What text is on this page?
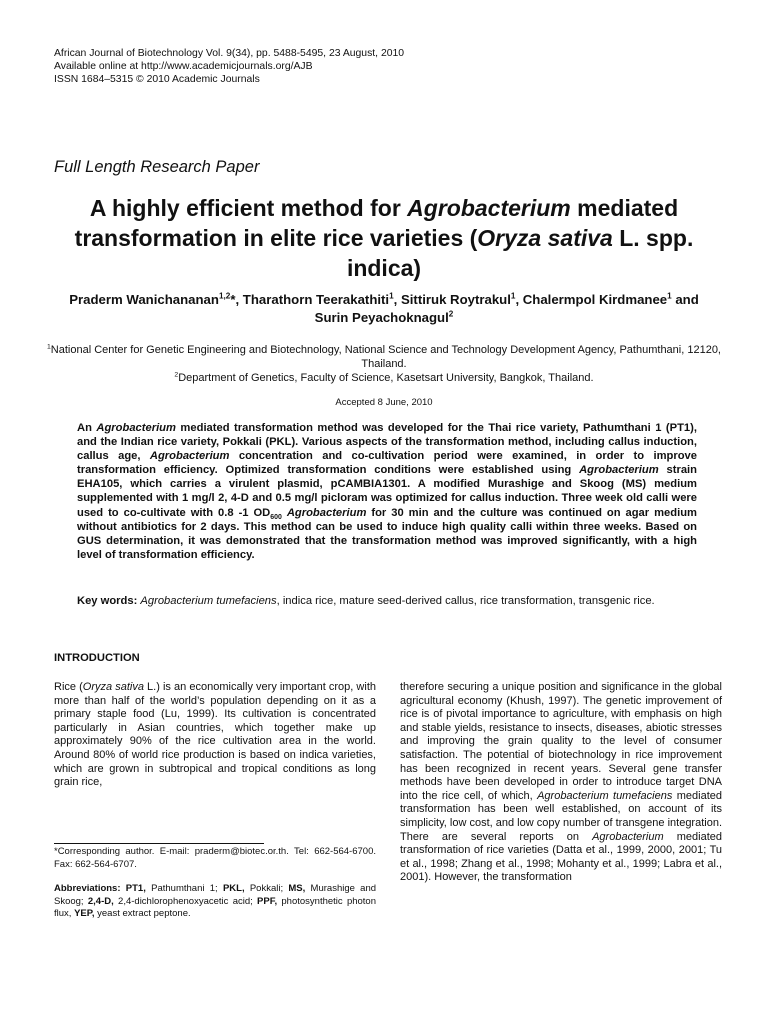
African Journal of Biotechnology Vol. 9(34), pp. 5488-5495, 23 August, 2010
Available online at http://www.academicjournals.org/AJB
ISSN 1684–5315 © 2010 Academic Journals
Full Length Research Paper
A highly efficient method for Agrobacterium mediated transformation in elite rice varieties (Oryza sativa L. spp. indica)
Praderm Wanichananan$^{1,2}$*, Tharathorn Teerakathiti$^1$, Sittiruk Roytrakul$^1$, Chalermpol Kirdmanee$^1$ and Surin Peyachoknagul$^2$
$^1$National Center for Genetic Engineering and Biotechnology, National Science and Technology Development Agency, Pathumthani, 12120, Thailand.
$^2$Department of Genetics, Faculty of Science, Kasetsart University, Bangkok, Thailand.
Accepted 8 June, 2010
An Agrobacterium mediated transformation method was developed for the Thai rice variety, Pathumthani 1 (PT1), and the Indian rice variety, Pokkali (PKL). Various aspects of the transformation method, including callus induction, callus age, Agrobacterium concentration and co-cultivation period were examined, in order to improve transformation efficiency. Optimized transformation conditions were established using Agrobacterium strain EHA105, which carries a virulent plasmid, pCAMBIA1301. A modified Murashige and Skoog (MS) medium supplemented with 1 mg/l 2, 4-D and 0.5 mg/l picloram was optimized for callus induction. Three week old calli were used to co-cultivate with 0.8 -1 $OD_{600}$ Agrobacterium for 30 min and the culture was continued on agar medium without antibiotics for 2 days. This method can be used to induce high quality calli within three weeks. Based on GUS determination, it was demonstrated that the transformation method was improved significantly, with a high level of transformation efficiency.
Key words: Agrobacterium tumefaciens, indica rice, mature seed-derived callus, rice transformation, transgenic rice.
INTRODUCTION
Rice (Oryza sativa L.) is an economically very important crop, with more than half of the world’s population depending on it as a primary staple food (Lu, 1999). Its cultivation is concentrated particularly in Asian countries, which together make up approximately 90% of the rice cultivation area in the world. Around 80% of world rice production is based on indica varieties, which are grown in subtropical and tropical conditions as long grain rice,
therefore securing a unique position and significance in the global agricultural economy (Khush, 1997). The genetic improvement of rice is of pivotal importance to agriculture, with emphasis on high and stable yields, resistance to insects, diseases, abiotic stresses and improving the grain quality to the level of consumer satisfaction. The potential of biotechnology in rice improvement has been recognized in recent years. Several gene transfer methods have been developed in order to introduce target DNA into the rice cell, of which, Agrobacterium tumefaciens mediated transformation has been well established, on account of its simplicity, low cost, and low copy number of transgene integration. There are several reports on Agrobacterium mediated transformation of rice varieties (Datta et al., 1999, 2000, 2001; Tu et al., 1998; Zhang et al., 1998; Mohanty et al., 1999; Labra et al., 2001). However, the transformation
*Corresponding author. E-mail: praderm@biotec.or.th. Tel: 662-564-6700. Fax: 662-564-6707.
Abbreviations: PT1, Pathumthani 1; PKL, Pokkali; MS, Murashige and Skoog; 2,4-D, 2,4-dichlorophenoxyacetic acid; PPF, photosynthetic photon flux, YEP, yeast extract peptone.
